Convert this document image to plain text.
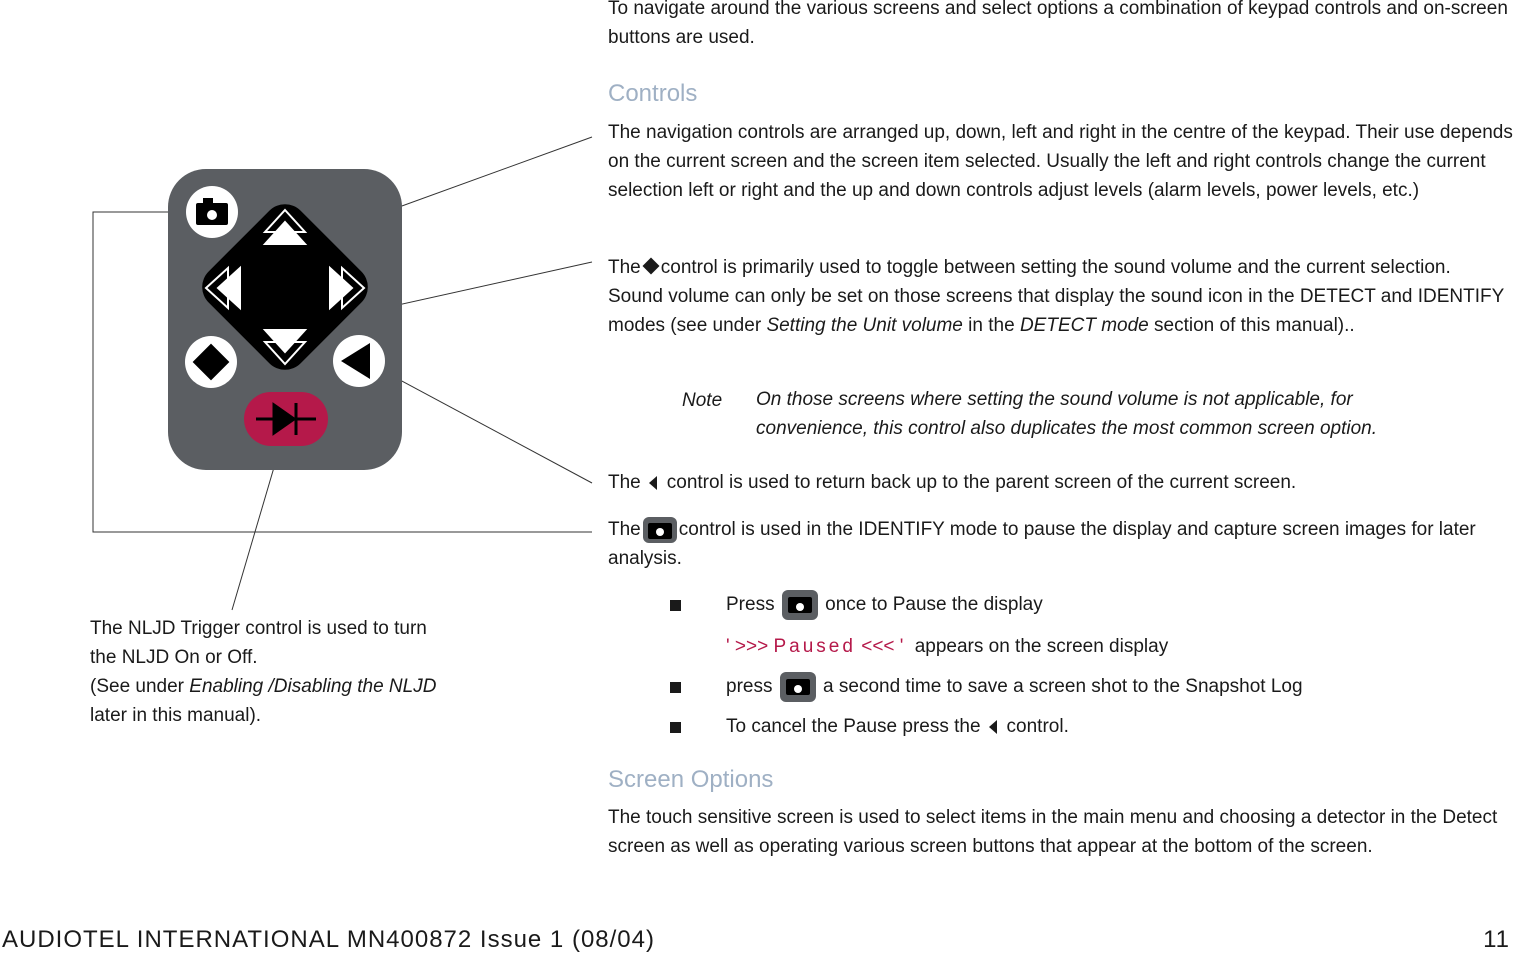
The NLJD Trigger control is used to turn
the NLJD On or Off.
(See under Enabling /Disabling the NLJD
later in this manual).

To navigate around the various screens and select options a combination of keypad controls and on-screen buttons are used.

Controls

The navigation controls are arranged up, down, left and right in the centre of the keypad. Their use depends on the current screen and the screen item selected. Usually the left and right controls change the current selection left or right and the up and down controls adjust levels (alarm levels, power levels, etc.)

The control is primarily used to toggle between setting the sound volume and the current selection. Sound volume can only be set on those screens that display the sound icon in the DETECT and IDENTIFY modes (see under Setting the Unit volume in the DETECT mode section of this manual)..

Note On those screens where setting the sound volume is not applicable, for convenience, this control also duplicates the most common screen option.

The control is used to return back up to the parent screen of the current screen.

The control is used in the IDENTIFY mode to pause the display and capture screen images for later analysis.

Press	once to Pause the display
' >>> Paused <<< ' appears on the screen display
press	a second time to save a screen shot to the Snapshot Log
To cancel the Pause press the control.
Screen Options

The touch sensitive screen is used to select items in the main menu and choosing a detector in the Detect screen as well as operating various screen buttons that appear at the bottom of the screen.

AUDIOTEL INTERNATIONAL MN400872 Issue 1 (08/04)	11
